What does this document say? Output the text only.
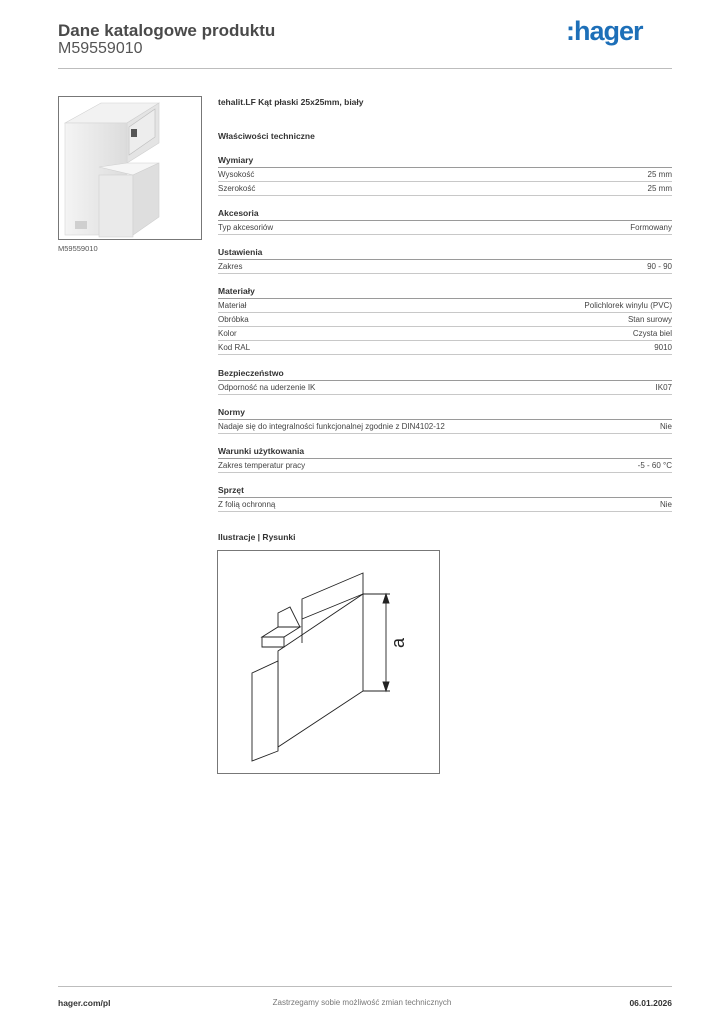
Dane katalogowe produktu
M59559010
:hager
M59559010
tehalit.LF Kąt płaski 25x25mm, biały
Właściwości techniczne
Wymiary
Wysokość	25 mm
Szerokość	25 mm
Akcesoria
Typ akcesoriów	Formowany
Ustawienia
Zakres	90 - 90
Materiały
Materiał	Polichlorek winylu (PVC)
Obróbka	Stan surowy
Kolor	Czysta biel
Kod RAL	9010
Bezpieczeństwo
Odporność na uderzenie IK	IK07
Normy
Nadaje się do integralności funkcjonalnej zgodnie z DIN4102-12	Nie
Warunki użytkowania
Zakres temperatur pracy	-5 - 60 °C
Sprzęt
Z folią ochronną	Nie
Ilustracje | Rysunki
a
hager.com/pl	Zastrzegamy sobie możliwość zmian technicznych	06.01.2026
